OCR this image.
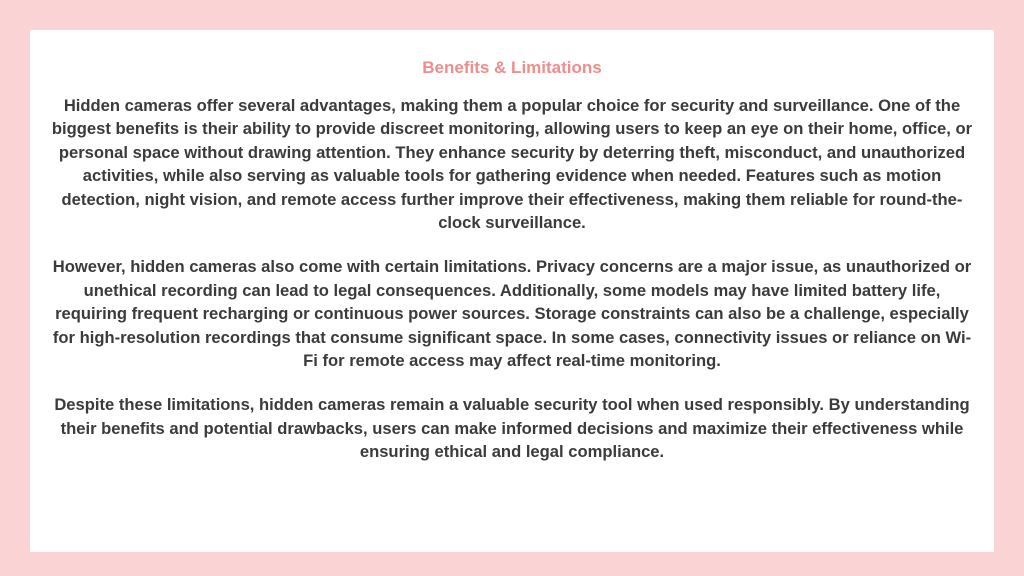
Benefits & Limitations

Hidden cameras offer several advantages, making them a popular choice for security and surveillance. One of the biggest benefits is their ability to provide discreet monitoring, allowing users to keep an eye on their home, office, or personal space without drawing attention. They enhance security by deterring theft, misconduct, and unauthorized activities, while also serving as valuable tools for gathering evidence when needed. Features such as motion detection, night vision, and remote access further improve their effectiveness, making them reliable for round-the-clock surveillance.

However, hidden cameras also come with certain limitations. Privacy concerns are a major issue, as unauthorized or unethical recording can lead to legal consequences. Additionally, some models may have limited battery life, requiring frequent recharging or continuous power sources. Storage constraints can also be a challenge, especially for high-resolution recordings that consume significant space. In some cases, connectivity issues or reliance on Wi-Fi for remote access may affect real-time monitoring.

Despite these limitations, hidden cameras remain a valuable security tool when used responsibly. By understanding their benefits and potential drawbacks, users can make informed decisions and maximize their effectiveness while ensuring ethical and legal compliance.
